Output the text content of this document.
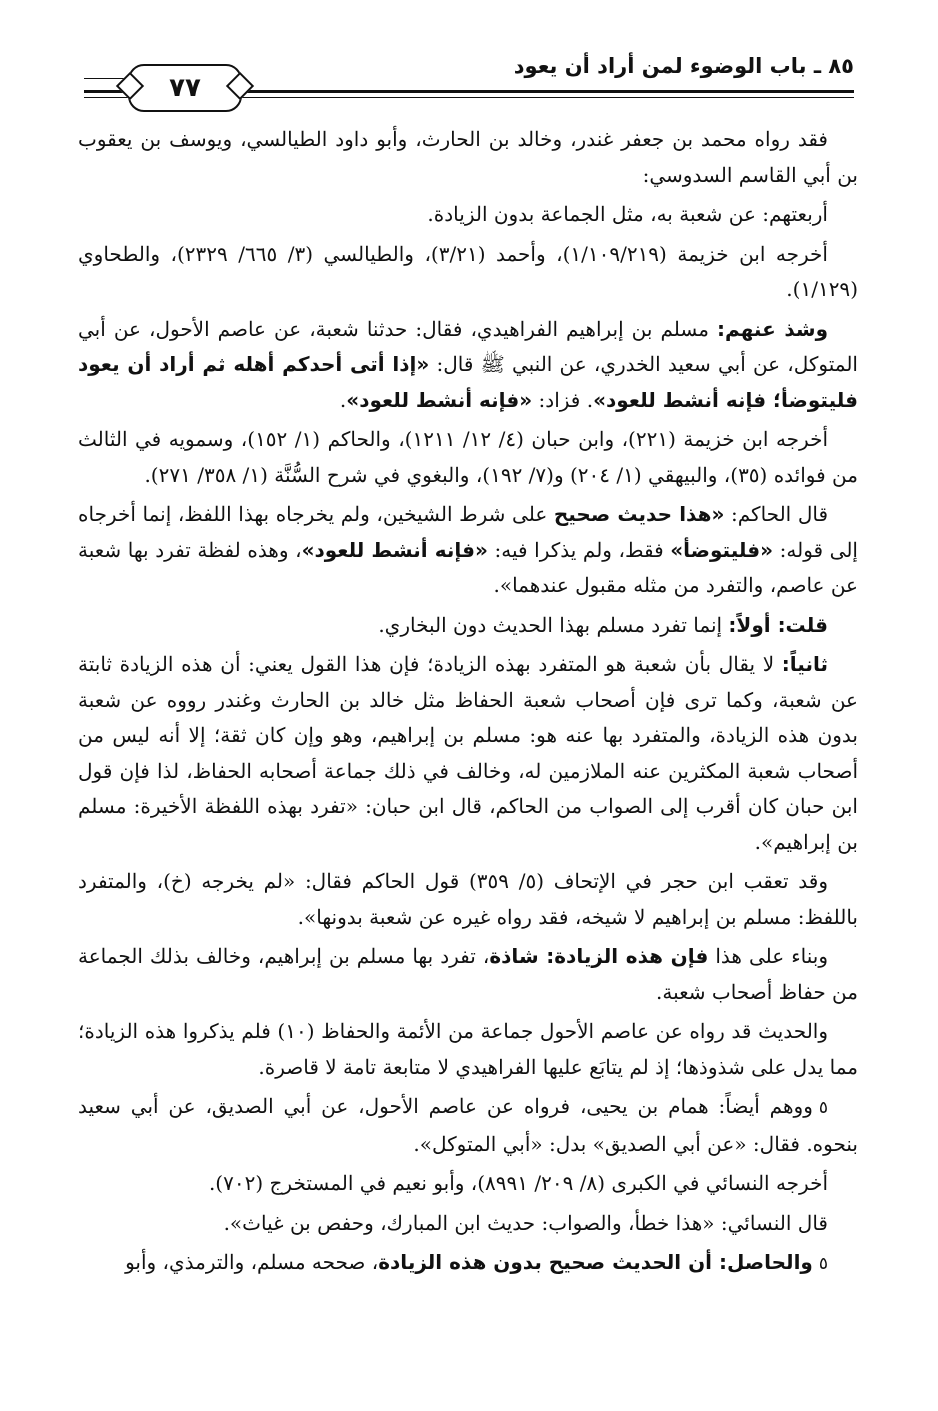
٨٥ ـ باب الوضوء لمن أراد أن يعود
٧٧

فقد رواه محمد بن جعفر غندر، وخالد بن الحارث، وأبو داود الطيالسي، ويوسف بن يعقوب بن أبي القاسم السدوسي:

أربعتهم: عن شعبة به، مثل الجماعة بدون الزيادة.

أخرجه ابن خزيمة (١/١٠٩/٢١٩)، وأحمد (٣/٢١)، والطيالسي (٣/ ٦٦٥/ ٢٣٢٩)، والطحاوي (١/١٢٩).

وشذ عنهم: مسلم بن إبراهيم الفراهيدي، فقال: حدثنا شعبة، عن عاصم الأحول، عن أبي المتوكل، عن أبي سعيد الخدري، عن النبي ﷺ قال: «إذا أتى أحدكم أهله ثم أراد أن يعود فليتوضأ؛ فإنه أنشط للعود». فزاد: «فإنه أنشط للعود».

أخرجه ابن خزيمة (٢٢١)، وابن حبان (٤/ ١٢/ ١٢١١)، والحاكم (١/ ١٥٢)، وسمويه في الثالث من فوائده (٣٥)، والبيهقي (١/ ٢٠٤) و(٧/ ١٩٢)، والبغوي في شرح السُّنَّة (١/ ٣٥٨/ ٢٧١).

قال الحاكم: «هذا حديث صحيح على شرط الشيخين، ولم يخرجاه بهذا اللفظ، إنما أخرجاه إلى قوله: «فليتوضأ» فقط، ولم يذكرا فيه: «فإنه أنشط للعود»، وهذه لفظة تفرد بها شعبة عن عاصم، والتفرد من مثله مقبول عندهما».

قلت: أولاً: إنما تفرد مسلم بهذا الحديث دون البخاري.

ثانياً: لا يقال بأن شعبة هو المتفرد بهذه الزيادة؛ فإن هذا القول يعني: أن هذه الزيادة ثابتة عن شعبة، وكما ترى فإن أصحاب شعبة الحفاظ مثل خالد بن الحارث وغندر رووه عن شعبة بدون هذه الزيادة، والمتفرد بها عنه هو: مسلم بن إبراهيم، وهو وإن كان ثقة؛ إلا أنه ليس من أصحاب شعبة المكثرين عنه الملازمين له، وخالف في ذلك جماعة أصحابه الحفاظ، لذا فإن قول ابن حبان كان أقرب إلى الصواب من الحاكم، قال ابن حبان: «تفرد بهذه اللفظة الأخيرة: مسلم بن إبراهيم».

وقد تعقب ابن حجر في الإتحاف (٥/ ٣٥٩) قول الحاكم فقال: «لم يخرجه (خ)، والمتفرد باللفظ: مسلم بن إبراهيم لا شيخه، فقد رواه غيره عن شعبة بدونها».

وبناء على هذا فإن هذه الزيادة: شاذة، تفرد بها مسلم بن إبراهيم، وخالف بذلك الجماعة من حفاظ أصحاب شعبة.

والحديث قد رواه عن عاصم الأحول جماعة من الأئمة والحفاظ (١٠) فلم يذكروا هذه الزيادة؛ مما يدل على شذوذها؛ إذ لم يتابَع عليها الفراهيدي لا متابعة تامة لا قاصرة.

٥ووهم أيضاً: همام بن يحيى، فرواه عن عاصم الأحول، عن أبي الصديق، عن أبي سعيد بنحوه. فقال: «عن أبي الصديق» بدل: «أبي المتوكل».

أخرجه النسائي في الكبرى (٨/ ٢٠٩/ ٨٩٩١)، وأبو نعيم في المستخرج (٧٠٢).

قال النسائي: «هذا خطأ، والصواب: حديث ابن المبارك، وحفص بن غياث».

٥والحاصل: أن الحديث صحيح بدون هذه الزيادة، صححه مسلم، والترمذي، وأبو
